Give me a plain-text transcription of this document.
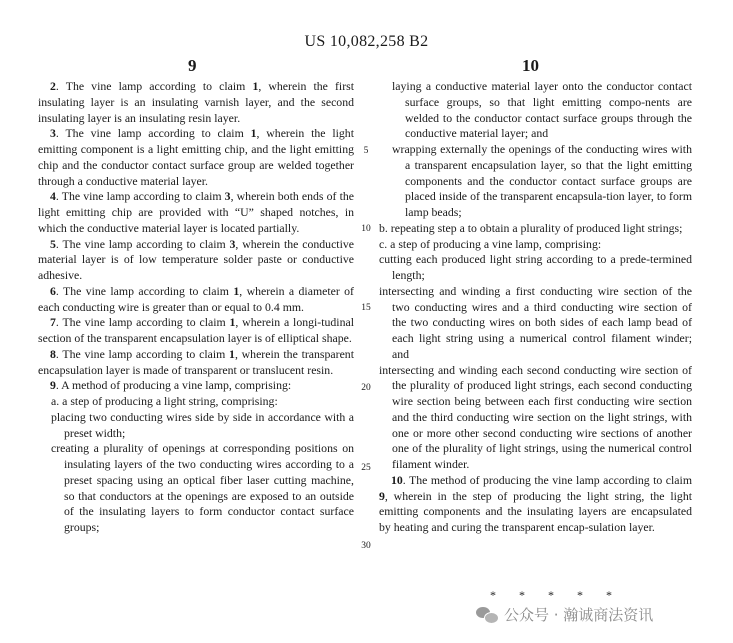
US 10,082,258 B2
9	10
5
10
15
20
25
30

2. The vine lamp according to claim 1, wherein the first insulating layer is an insulating varnish layer, and the second insulating layer is an insulating resin layer.

3. The vine lamp according to claim 1, wherein the light emitting component is a light emitting chip, and the light emitting chip and the conductor contact surface group are welded together through a conductive material layer.

4. The vine lamp according to claim 3, wherein both ends of the light emitting chip are provided with “U” shaped notches, in which the conductive material layer is located partially.

5. The vine lamp according to claim 3, wherein the conductive material layer is of low temperature solder paste or conductive adhesive.

6. The vine lamp according to claim 1, wherein a diameter of each conducting wire is greater than or equal to 0.4 mm.

7. The vine lamp according to claim 1, wherein a longi-tudinal section of the transparent encapsulation layer is of elliptical shape.

8. The vine lamp according to claim 1, wherein the transparent encapsulation layer is made of transparent or translucent resin.

9. A method of producing a vine lamp, comprising:

a. a step of producing a light string, comprising:

placing two conducting wires side by side in accordance with a preset width;

creating a plurality of openings at corresponding positions on insulating layers of the two conducting wires according to a preset spacing using an optical fiber laser cutting machine, so that conductors at the openings are exposed to an outside of the insulating layers to form conductor contact surface groups;

laying a conductive material layer onto the conductor contact surface groups, so that light emitting compo-nents are welded to the conductor contact surface groups through the conductive material layer; and

wrapping externally the openings of the conducting wires with a transparent encapsulation layer, so that the light emitting components and the conductor contact surface groups are placed inside of the transparent encapsula-tion layer, to form lamp beads;

b. repeating step a to obtain a plurality of produced light strings;

c. a step of producing a vine lamp, comprising:

cutting each produced light string according to a prede-termined length;

intersecting and winding a first conducting wire section of the two conducting wires and a third conducting wire section of the two conducting wires on both sides of each lamp bead of each light string using a numerical control filament winder; and

intersecting and winding each second conducting wire section of the plurality of produced light strings, each second conducting wire section being between each first conducting wire section and the third conducting wire section on the light strings, with one or more other second conducting wire sections of another one of the plurality of light strings, using the numerical control filament winder.

10. The method of producing the vine lamp according to claim 9, wherein in the step of producing the light string, the light emitting components and the insulating layers are encapsulated by heating and curing the transparent encap-sulation layer.

* * * * *
公众号 · 瀚诚商法资讯
